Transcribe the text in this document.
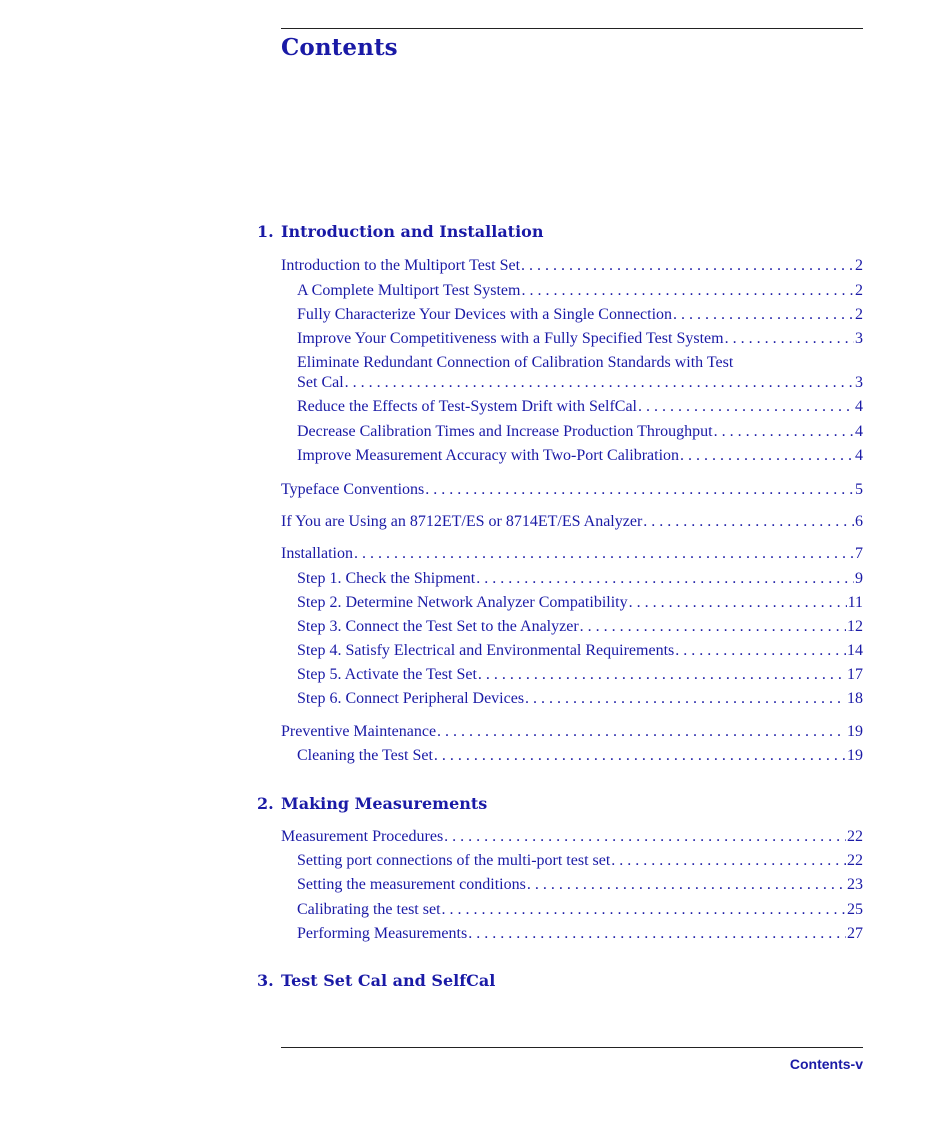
Contents
1. Introduction and Installation
Introduction to the Multiport Test Set . . .	2
A Complete Multiport Test System . . .	2
Fully Characterize Your Devices with a Single Connection . . .	2
Improve Your Competitiveness with a Fully Specified Test System . . .	3
Eliminate Redundant Connection of Calibration Standards with Test
Set Cal . . .	3
Reduce the Effects of Test-System Drift with SelfCal . . .	4
Decrease Calibration Times and Increase Production Throughput . . .	4
Improve Measurement Accuracy with Two-Port Calibration . . .	4
Typeface Conventions . . .	5
If You are Using an 8712ET/ES or 8714ET/ES Analyzer . . .	6
Installation . . .	7
Step 1. Check the Shipment . . .	9
Step 2. Determine Network Analyzer Compatibility . . .	11
Step 3. Connect the Test Set to the Analyzer . . .	12
Step 4. Satisfy Electrical and Environmental Requirements . . .	14
Step 5. Activate the Test Set . . .	17
Step 6. Connect Peripheral Devices . . .	18
Preventive Maintenance . . .	19
Cleaning the Test Set . . .	19
2. Making Measurements
Measurement Procedures . . .	22
Setting port connections of the multi-port test set . . .	22
Setting the measurement conditions . . .	23
Calibrating the test set . . .	25
Performing Measurements . . .	27
3. Test Set Cal and SelfCal
Contents-v
